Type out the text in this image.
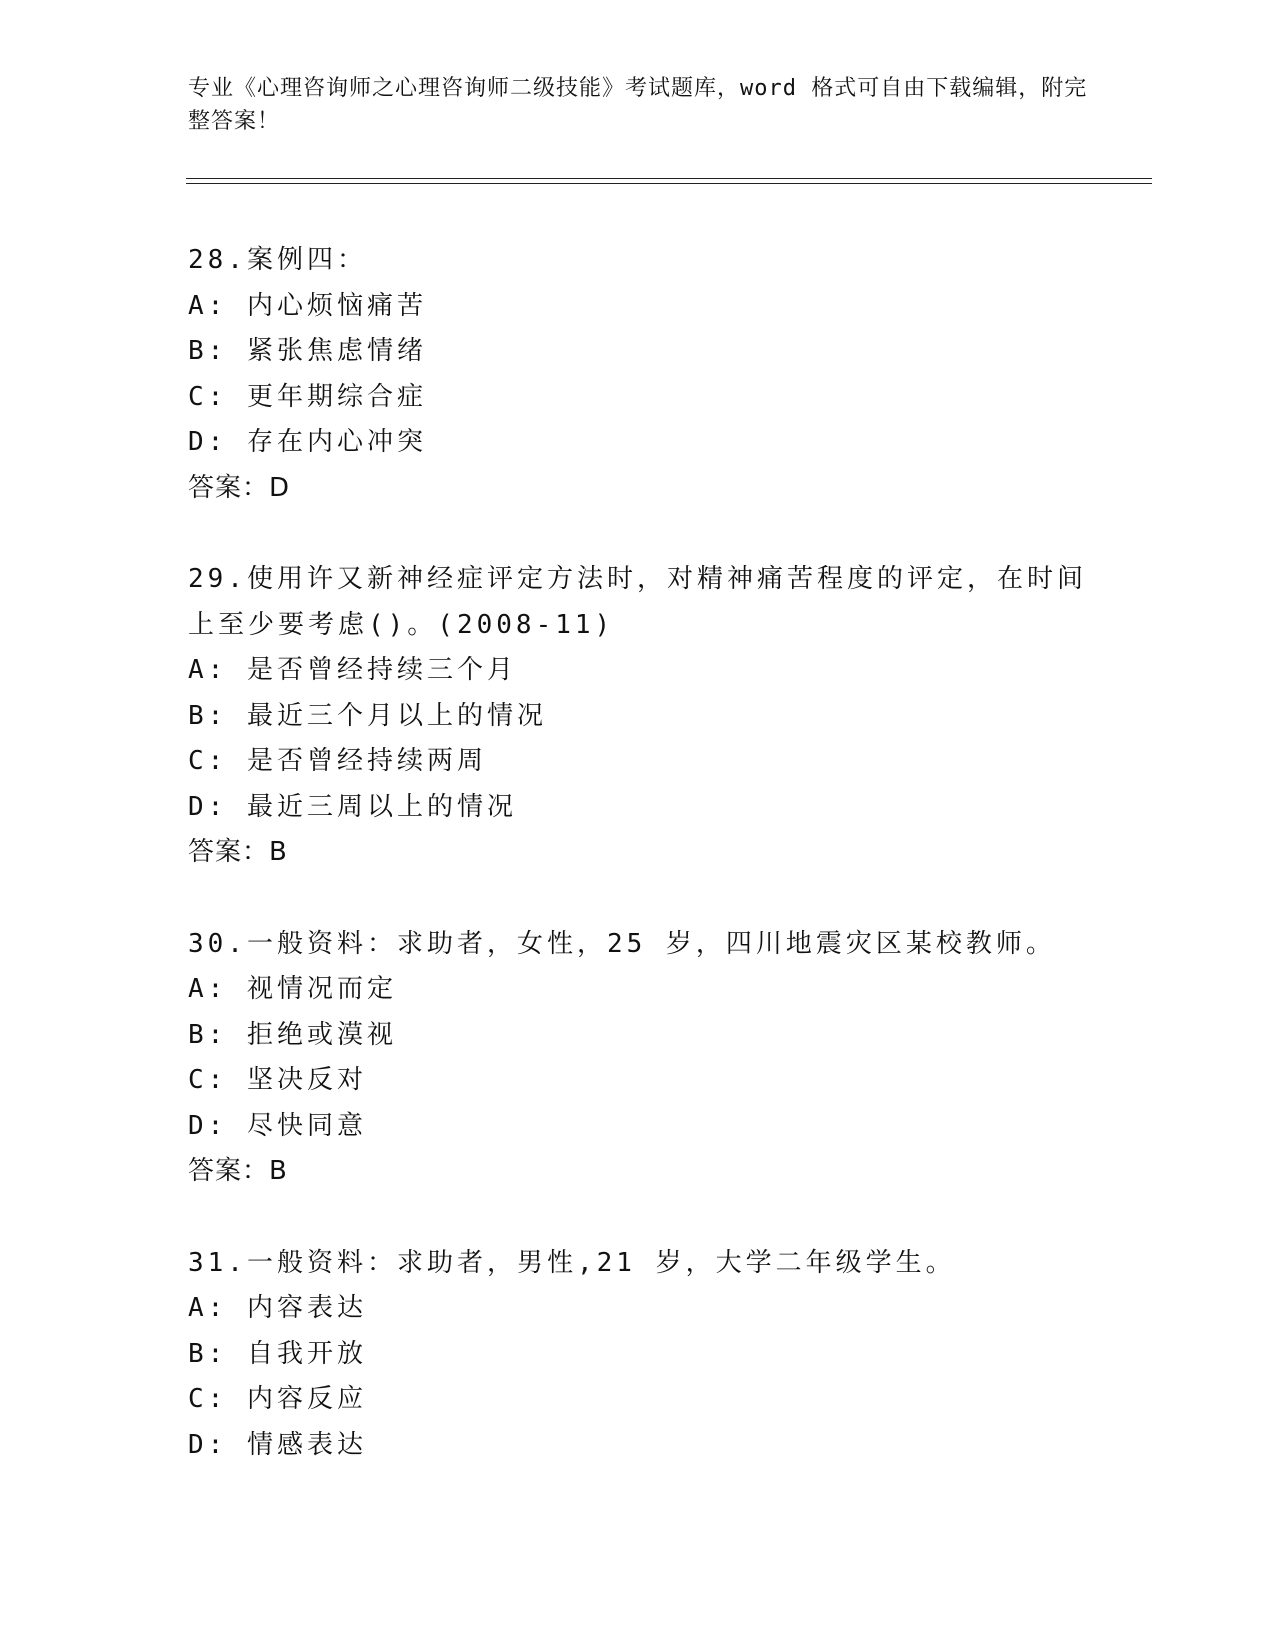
专业《心理咨询师之心理咨询师二级技能》考试题库，word 格式可自由下载编辑，附完整答案！
28.案例四：
A: 内心烦恼痛苦
B: 紧张焦虑情绪
C: 更年期综合症
D: 存在内心冲突
答案：D
29.使用许又新神经症评定方法时，对精神痛苦程度的评定，在时间上至少要考虑()。(2008-11)
A: 是否曾经持续三个月
B: 最近三个月以上的情况
C: 是否曾经持续两周
D: 最近三周以上的情况
答案：B
30.一般资料：求助者，女性，25 岁，四川地震灾区某校教师。
A: 视情况而定
B: 拒绝或漠视
C: 坚决反对
D: 尽快同意
答案：B
31.一般资料：求助者，男性,21 岁，大学二年级学生。
A: 内容表达
B: 自我开放
C: 内容反应
D: 情感表达
